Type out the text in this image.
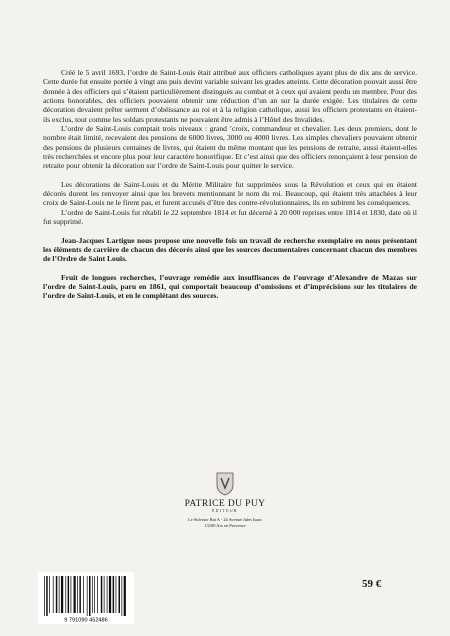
Créé le 5 avril 1693, l’ordre de Saint-Louis était attribué aux officiers catholiques ayant plus de dix ans de service. Cette durée fut ensuite portée à vingt ans puis devint variable suivant les grades atteints. Cette décoration pouvait aussi être donnée à des officiers qui s’étaient particulièrement distingués au combat et à ceux qui avaient perdu un membre. Pour des actions honorables, des officiers pouvaient obtenir une réduction d’un an sur la durée exigée. Les titulaires de cette décoration devaient prêter serment d’obéissance au roi et à la religion catholique, aussi les officiers protestants en étaient-ils exclus, tout comme les soldats protestants ne pouvaient être admis à l’Hôtel des Invalides.

L’ordre de Saint-Louis comptait trois niveaux : grand ’croix, commandeur et chevalier. Les deux premiers, dont le nombre était limité, recevaient des pensions de 6000 livres, 3000 ou 4000 livres. Les simples chevaliers pouvaient obtenir des pensions de plusieurs centaines de livres, qui étaient du même montant que les pensions de retraite, aussi étaient-elles très recherchées et encore plus pour leur caractère honorifique. Et c’est ainsi que des officiers renonçaient à leur pension de retraite pour obtenir la décoration sur l’ordre de Saint-Louis pour quitter le service.

Les décorations de Saint-Louis et du Mérite Militaire fut supprimées sous la Révolution et ceux qui en étaient décorés durent les renvoyer ainsi que les brevets mentionnant le nom du roi. Beaucoup, qui étaient très attachées à leur croix de Saint-Louis ne le firent pas, et furent accusés d’être des contre-révolutionnaires, ils en subirent les conséquences.

L’ordre de Saint-Louis fut rétabli le 22 septembre 1814 et fut décerné à 20 000 reprises entre 1814 et 1830, date où il fut supprimé.

Jean-Jacques Lartigue nous propose une nouvelle fois un travail de recherche exemplaire en nous présentant les éléments de carrière de chacun des décorés ainsi que les sources documentaires concernant chacun des membres de l’Ordre de Saint Louis.

Fruit de longues recherches, l’ouvrage remédie aux insuffisances de l’ouvrage d’Alexandre de Mazas sur l’ordre de Saint-Louis, paru en 1861, qui comportait beaucoup d’omissions et d’imprécisions sur les titulaires de l’ordre de Saint-Louis, et en le complétant des sources.

PATRICE DU PUY

ÉDITEUR

Le Sulvator Bat A - 24 Avenue Jules Isaac

13100 Aix en Provence

9 791090 452486
59 €
